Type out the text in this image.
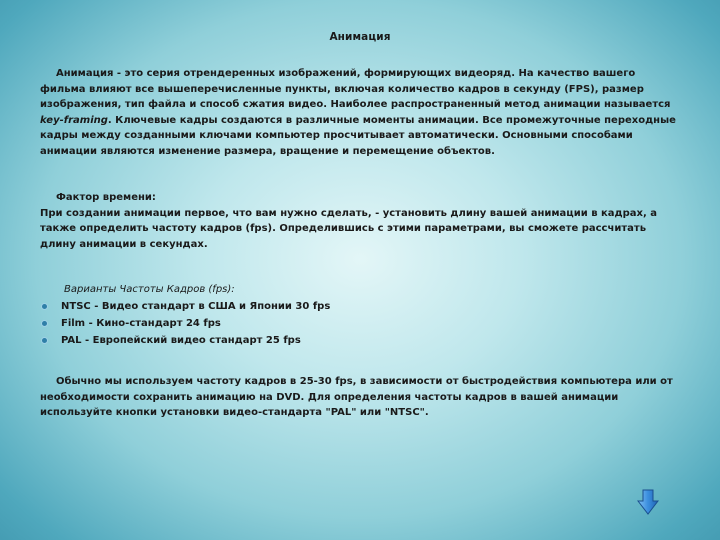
Анимация
Анимация - это серия отрендеренных изображений, формирующих видеоряд. На качество вашего фильма влияют все вышеперечисленные пункты, включая количество кадров в секунду (FPS), размер изображения, тип файла и способ сжатия видео. Наиболее распространенный метод анимации называется key-framing. Ключевые кадры создаются в различные моменты анимации. Все промежуточные переходные кадры между созданными ключами компьютер просчитывает автоматически. Основными способами анимации являются изменение размера, вращение и перемещение объектов.
Фактор времени:
При создании анимации первое, что вам нужно сделать, - установить длину вашей анимации в кадрах, а также определить частоту кадров (fps). Определившись с этими параметрами, вы сможете рассчитать длину анимации в секундах.
Варианты Частоты Кадров (fps):
NTSC - Видео стандарт в США и Японии 30 fps
Film - Кино-стандарт 24 fps
PAL - Европейский видео стандарт 25 fps
Обычно мы используем частоту кадров в 25-30 fps, в зависимости от быстродействия компьютера или от необходимости сохранить анимацию на DVD. Для определения частоты кадров в вашей анимации используйте кнопки установки видео-стандарта "PAL" или "NTSC".
